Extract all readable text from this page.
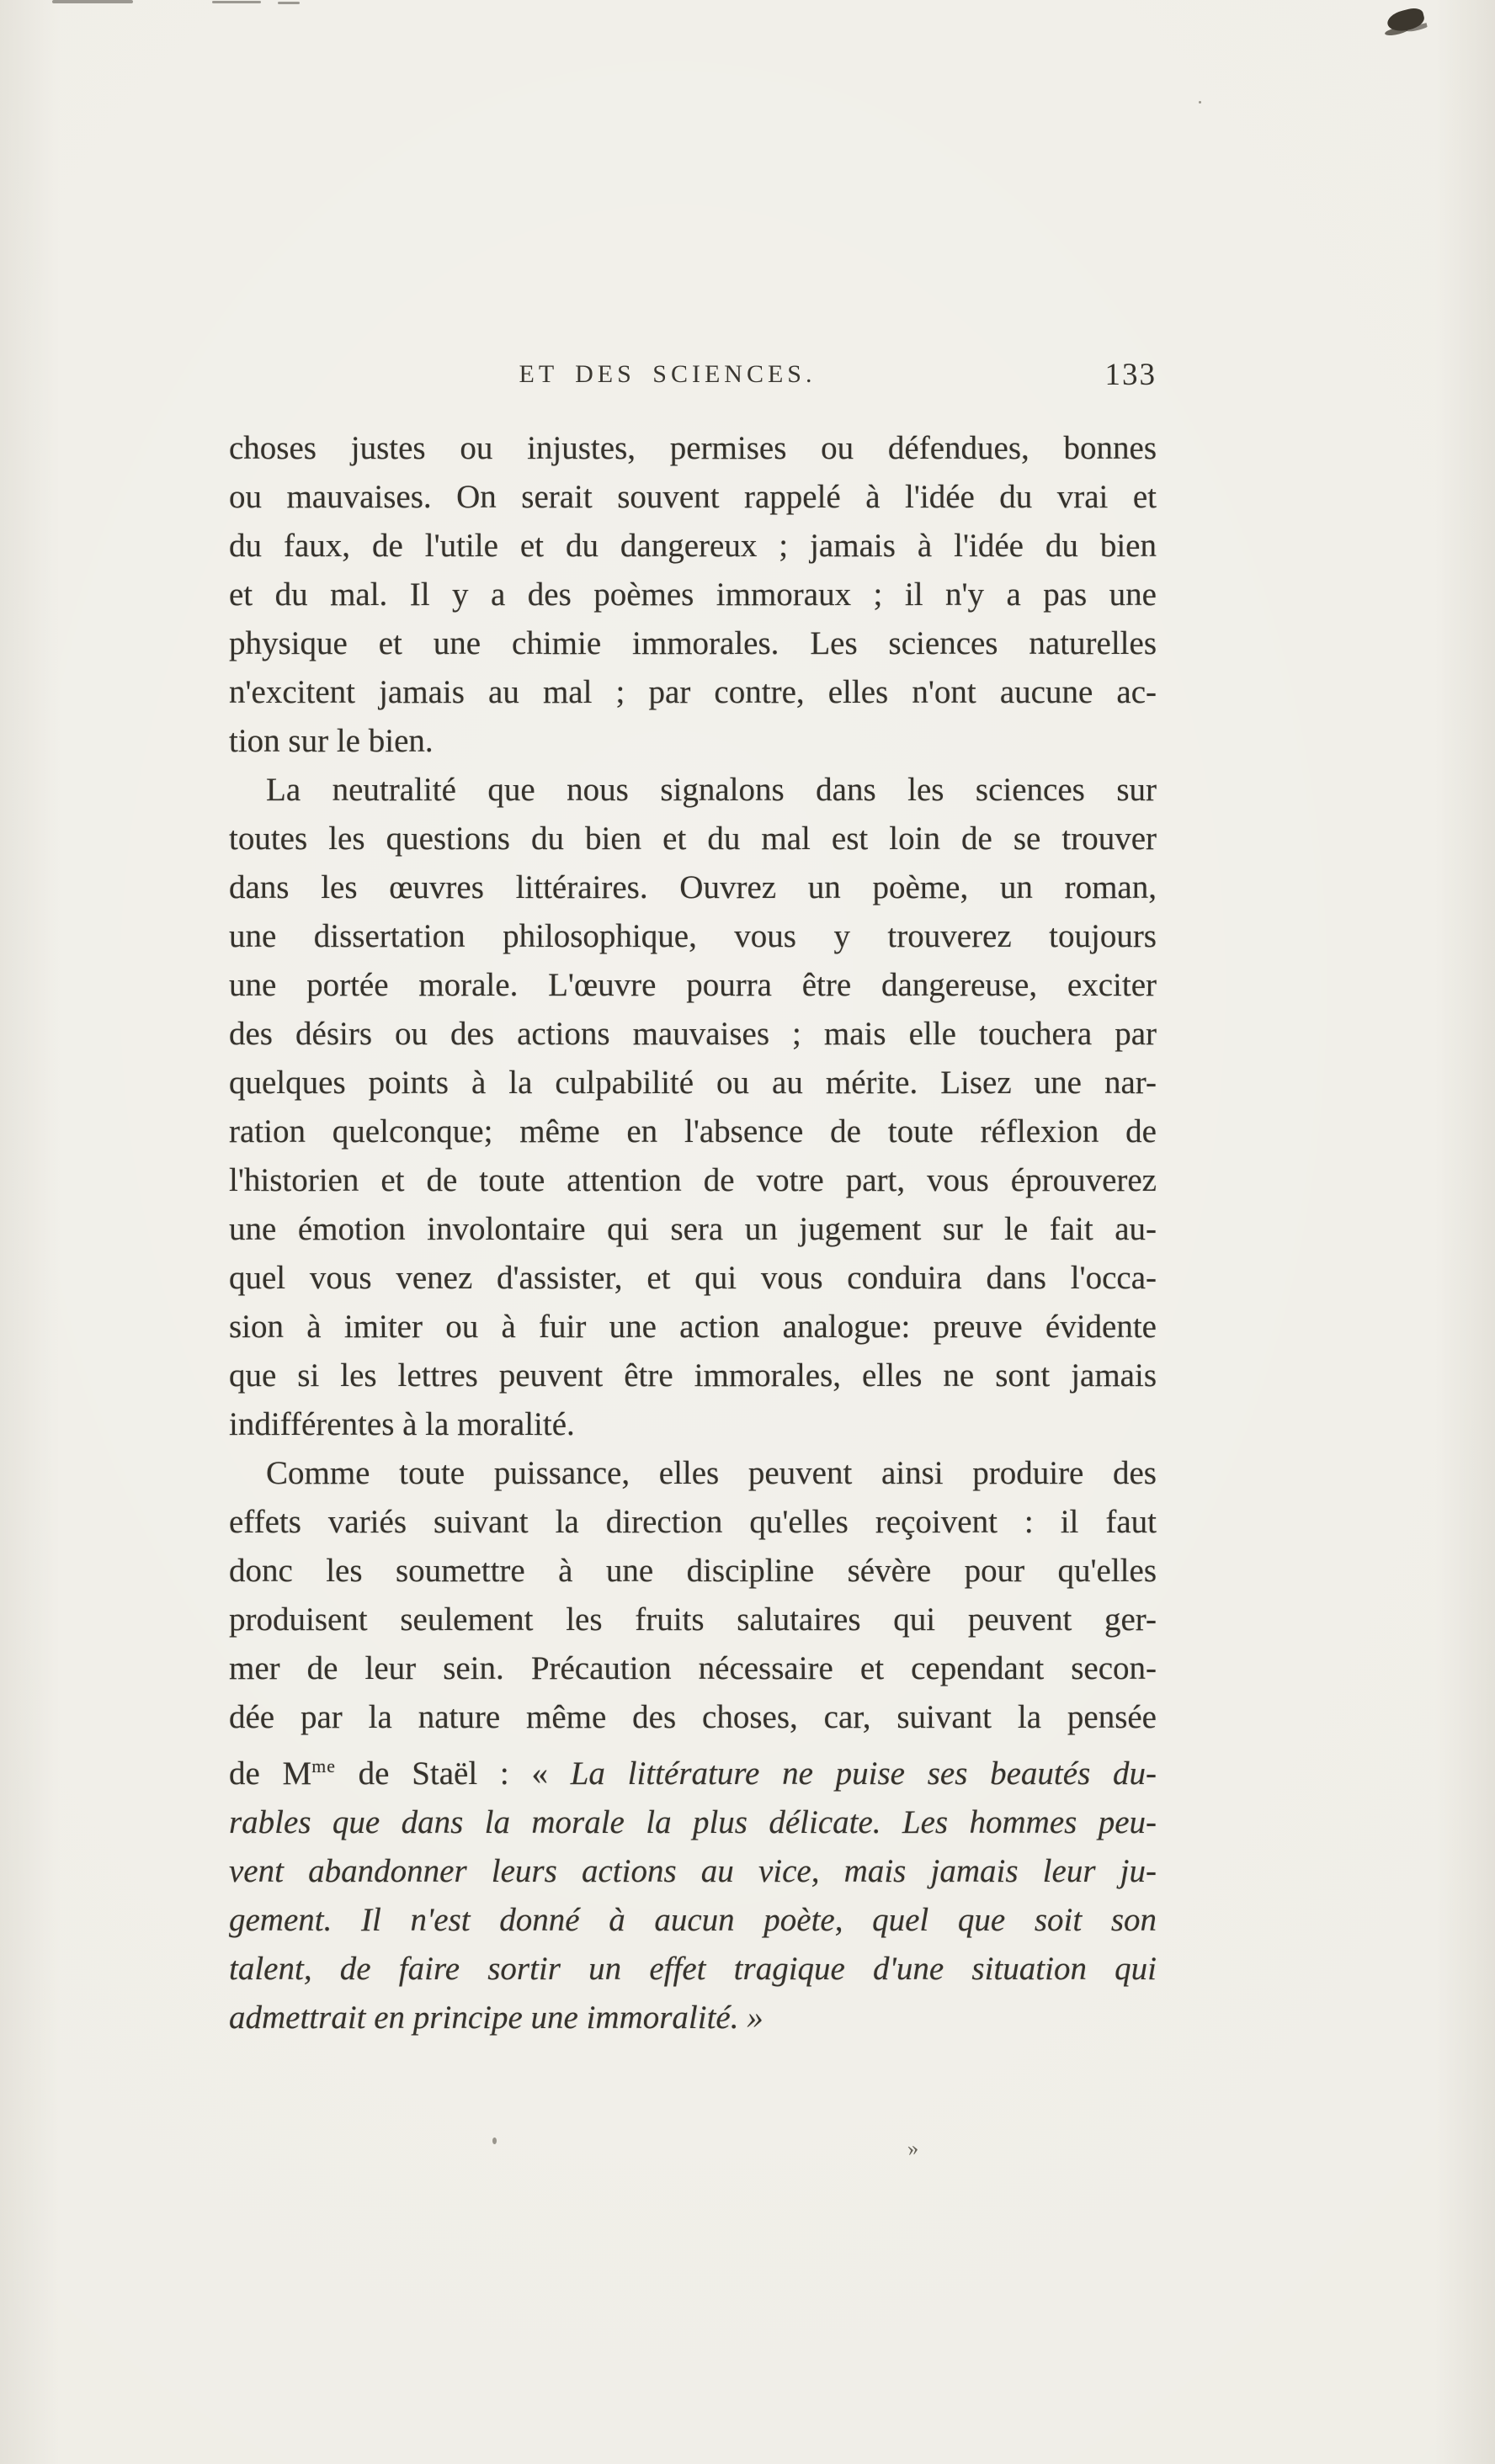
ET DES SCIENCES.	133
choses justes ou injustes, permises ou défendues, bonnes
ou mauvaises. On serait souvent rappelé à l'idée du vrai et
du faux, de l'utile et du dangereux ; jamais à l'idée du bien
et du mal. Il y a des poèmes immoraux ; il n'y a pas une
physique et une chimie immorales. Les sciences naturelles
n'excitent jamais au mal ; par contre, elles n'ont aucune ac-
tion sur le bien.
La neutralité que nous signalons dans les sciences sur
toutes les questions du bien et du mal est loin de se trouver
dans les œuvres littéraires. Ouvrez un poème, un roman,
une dissertation philosophique, vous y trouverez toujours
une portée morale. L'œuvre pourra être dangereuse, exciter
des désirs ou des actions mauvaises ; mais elle touchera par
quelques points à la culpabilité ou au mérite. Lisez une nar-
ration quelconque; même en l'absence de toute réflexion de
l'historien et de toute attention de votre part, vous éprouverez
une émotion involontaire qui sera un jugement sur le fait au-
quel vous venez d'assister, et qui vous conduira dans l'occa-
sion à imiter ou à fuir une action analogue: preuve évidente
que si les lettres peuvent être immorales, elles ne sont jamais
indifférentes à la moralité.
Comme toute puissance, elles peuvent ainsi produire des
effets variés suivant la direction qu'elles reçoivent : il faut
donc les soumettre à une discipline sévère pour qu'elles
produisent seulement les fruits salutaires qui peuvent ger-
mer de leur sein. Précaution nécessaire et cependant secon-
dée par la nature même des choses, car, suivant la pensée
de $M^{me}$ de Staël : « La littérature ne puise ses beautés du-
rables que dans la morale la plus délicate. Les hommes peu-
vent abandonner leurs actions au vice, mais jamais leur ju-
gement. Il n'est donné à aucun poète, quel que soit son
talent, de faire sortir un effet tragique d'une situation qui
admettrait en principe une immoralité. »
»
